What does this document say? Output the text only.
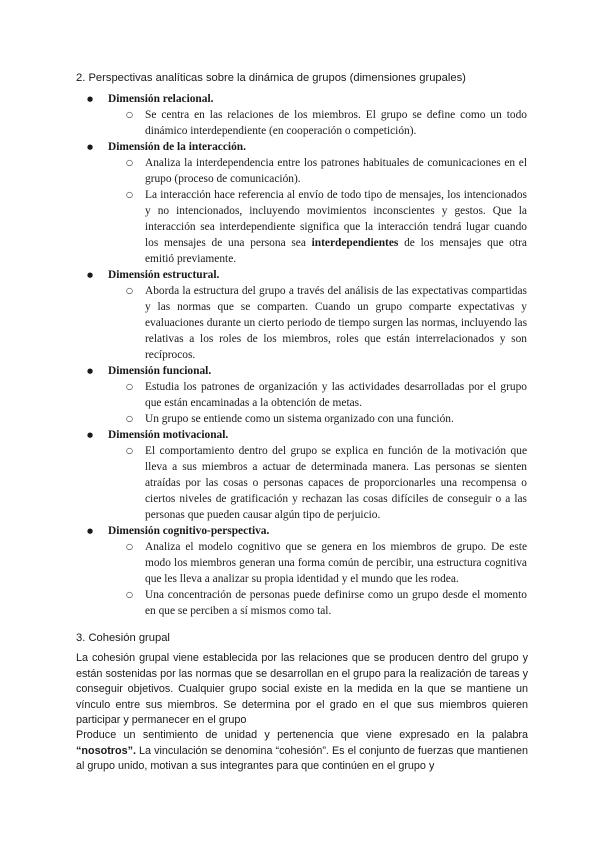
2. Perspectivas analíticas sobre la dinámica de grupos (dimensiones grupales)
● Dimensión relacional.
○ Se centra en las relaciones de los miembros. El grupo se define como un todo dinámico interdependiente (en cooperación o competición).
● Dimensión de la interacción.
○ Analiza la interdependencia entre los patrones habituales de comunicaciones en el grupo (proceso de comunicación).
○ La interacción hace referencia al envío de todo tipo de mensajes, los intencionados y no intencionados, incluyendo movimientos inconscientes y gestos. Que la interacción sea interdependiente significa que la interacción tendrá lugar cuando los mensajes de una persona sea interdependientes de los mensajes que otra emitió previamente.
● Dimensión estructural.
○ Aborda la estructura del grupo a través del análisis de las expectativas compartidas y las normas que se comparten. Cuando un grupo comparte expectativas y evaluaciones durante un cierto periodo de tiempo surgen las normas, incluyendo las relativas a los roles de los miembros, roles que están interrelacionados y son recíprocos.
● Dimensión funcional.
○ Estudia los patrones de organización y las actividades desarrolladas por el grupo que están encaminadas a la obtención de metas.
○ Un grupo se entiende como un sistema organizado con una función.
● Dimensión motivacional.
○ El comportamiento dentro del grupo se explica en función de la motivación que lleva a sus miembros a actuar de determinada manera. Las personas se sienten atraídas por las cosas o personas capaces de proporcionarles una recompensa o ciertos niveles de gratificación y rechazan las cosas difíciles de conseguir o a las personas que pueden causar algún tipo de perjuicio.
● Dimensión cognitivo-perspectiva.
○ Analiza el modelo cognitivo que se genera en los miembros de grupo. De este modo los miembros generan una forma común de percibir, una estructura cognitiva que les lleva a analizar su propia identidad y el mundo que les rodea.
○ Una concentración de personas puede definirse como un grupo desde el momento en que se perciben a sí mismos como tal.
3. Cohesión grupal
La cohesión grupal viene establecida por las relaciones que se producen dentro del grupo y están sostenidas por las normas que se desarrollan en el grupo para la realización de tareas y conseguir objetivos. Cualquier grupo social existe en la medida en la que se mantiene un vínculo entre sus miembros. Se determina por el grado en el que sus miembros quieren participar y permanecer en el grupo
Produce un sentimiento de unidad y pertenencia que viene expresado en la palabra “nosotros”. La vinculación se denomina “cohesión”. Es el conjunto de fuerzas que mantienen al grupo unido, motivan a sus integrantes para que continúen en el grupo y
